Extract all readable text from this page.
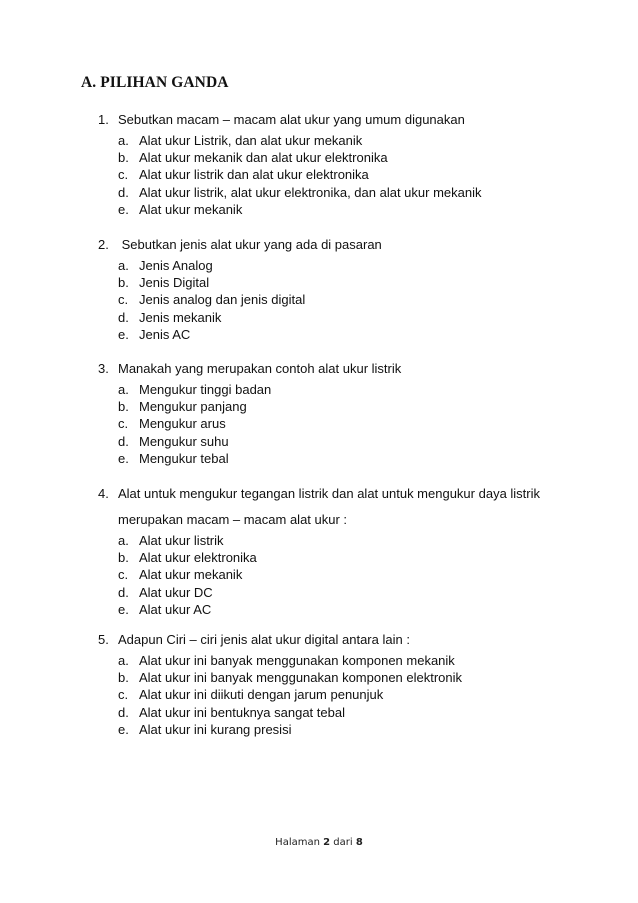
A. PILIHAN GANDA
1. Sebutkan macam – macam alat ukur yang umum digunakan
a. Alat ukur Listrik, dan alat ukur mekanik
b. Alat ukur mekanik dan alat ukur elektronika
c. Alat ukur listrik dan alat ukur elektronika
d. Alat ukur listrik, alat ukur elektronika, dan alat ukur mekanik
e. Alat ukur mekanik
2. Sebutkan jenis alat ukur yang ada di pasaran
a. Jenis Analog
b. Jenis Digital
c. Jenis analog dan jenis digital
d. Jenis mekanik
e. Jenis AC
3. Manakah yang merupakan contoh alat ukur listrik
a. Mengukur tinggi badan
b. Mengukur panjang
c. Mengukur arus
d. Mengukur suhu
e. Mengukur tebal
4. Alat untuk mengukur tegangan listrik dan alat untuk mengukur daya listrik
merupakan macam – macam alat ukur :
a. Alat ukur listrik
b. Alat ukur elektronika
c. Alat ukur mekanik
d. Alat ukur DC
e. Alat ukur AC
5. Adapun Ciri – ciri jenis alat ukur digital antara lain :
a. Alat ukur ini banyak menggunakan komponen mekanik
b. Alat ukur ini banyak menggunakan komponen elektronik
c. Alat ukur ini diikuti dengan jarum penunjuk
d. Alat ukur ini bentuknya sangat tebal
e. Alat ukur ini kurang presisi
Halaman 2 dari 8
